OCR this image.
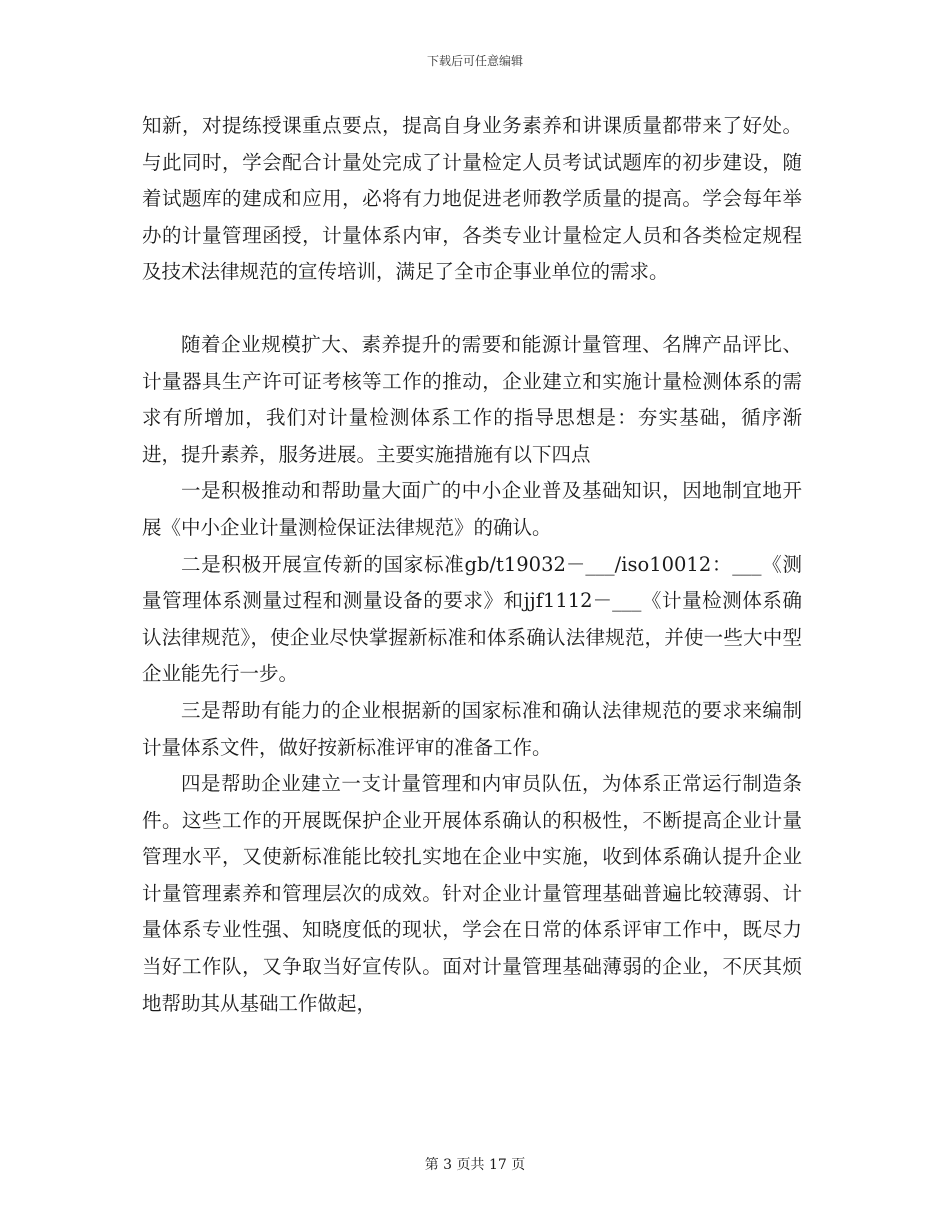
下载后可任意编辑

知新，对提练授课重点要点，提高自身业务素养和讲课质量都带来了好处。与此同时，学会配合计量处完成了计量检定人员考试试题库的初步建设，随着试题库的建成和应用，必将有力地促进老师教学质量的提高。学会每年举办的计量管理函授，计量体系内审，各类专业计量检定人员和各类检定规程及技术法律规范的宣传培训，满足了全市企事业单位的需求。

随着企业规模扩大、素养提升的需要和能源计量管理、名牌产品评比、计量器具生产许可证考核等工作的推动，企业建立和实施计量检测体系的需求有所增加，我们对计量检测体系工作的指导思想是：夯实基础，循序渐进，提升素养，服务进展。主要实施措施有以下四点

一是积极推动和帮助量大面广的中小企业普及基础知识，因地制宜地开展《中小企业计量测检保证法律规范》的确认。

二是积极开展宣传新的国家标准gb/t19032－___/iso10012：___《测量管理体系测量过程和测量设备的要求》和jjf1112－___《计量检测体系确认法律规范》，使企业尽快掌握新标准和体系确认法律规范，并使一些大中型企业能先行一步。

三是帮助有能力的企业根据新的国家标准和确认法律规范的要求来编制计量体系文件，做好按新标准评审的准备工作。

四是帮助企业建立一支计量管理和内审员队伍，为体系正常运行制造条件。这些工作的开展既保护企业开展体系确认的积极性，不断提高企业计量管理水平，又使新标准能比较扎实地在企业中实施，收到体系确认提升企业计量管理素养和管理层次的成效。针对企业计量管理基础普遍比较薄弱、计量体系专业性强、知晓度低的现状，学会在日常的体系评审工作中，既尽力当好工作队，又争取当好宣传队。面对计量管理基础薄弱的企业，不厌其烦地帮助其从基础工作做起，

第 3 页共 17 页
